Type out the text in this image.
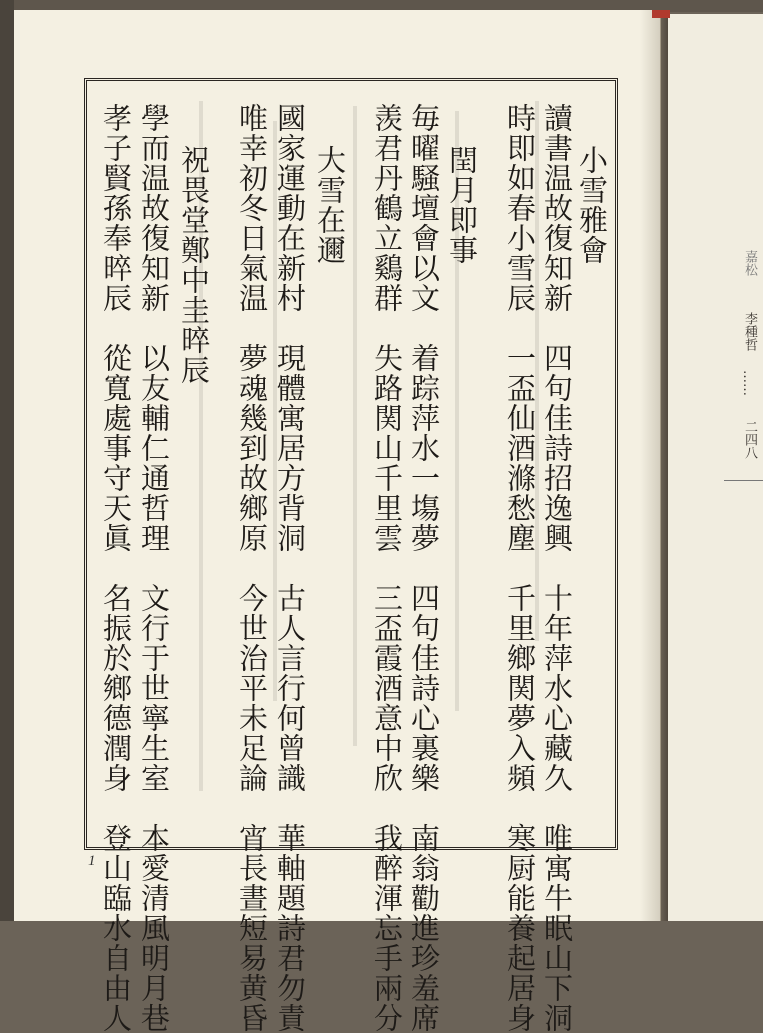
小雪雅會
讀書温故復知新　四句佳詩招逸興　十年萍水心藏久　唯寓牛眠山下洞
時即如春小雪辰　一盃仙酒滌愁塵　千里鄉関夢入頻　寒厨能養起居身
閏月即事
毎曜騒壇會以文　着踪萍水一塲夢　四句佳詩心裏樂　南翁勸進珍羞席
羡君丹鶴立鷄群　失路関山千里雲　三盃霞酒意中欣　我醉渾忘手兩分
大雪在邇
國家運動在新村　現體寓居方背洞　古人言行何曾識　華軸題詩君勿責
唯幸初冬日氣温　夢魂幾到故鄉原　今世治平未足論　宵長晝短易黄昏
祝畏堂鄭中圭晬辰
學而温故復知新　以友輔仁通哲理　文行于世寧生室　本愛清風明月巷
孝子賢孫奉晬辰　從寬處事守天眞　名振於鄉德潤身　登山臨水自由人
1
嘉松
李種哲
……
二四八
